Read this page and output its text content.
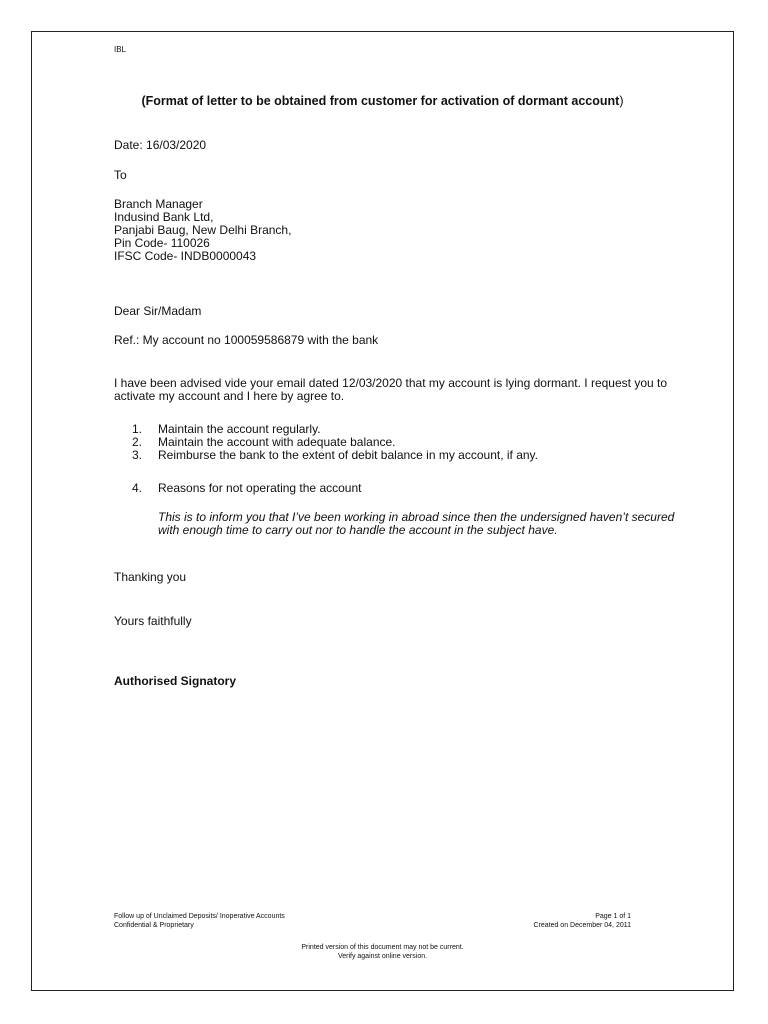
IBL

(Format of letter to be obtained from customer for activation of dormant account)

Date: 16/03/2020

To

Branch Manager
Indusind Bank Ltd,
Panjabi Baug, New Delhi Branch,
Pin Code- 110026
IFSC Code- INDB0000043

Dear Sir/Madam

Ref.: My account no 100059586879 with the bank

I have been advised vide your email dated 12/03/2020 that my account is lying dormant. I request you to activate my account and I here by agree to.

1. Maintain the account regularly.
2. Maintain the account with adequate balance.
3. Reimburse the bank to the extent of debit balance in my account, if any.
4. Reasons for not operating the account

This is to inform you that I’ve been working in abroad since then the undersigned haven’t secured with enough time to carry out nor to handle the account in the subject have.

Thanking you

Yours faithfully

Authorised Signatory

Follow up of Unclaimed Deposits/ Inoperative Accounts
Confidential & Proprietary
Page 1 of 1
Created on December 04, 2011
Printed version of this document may not be current.
Verify against online version.
